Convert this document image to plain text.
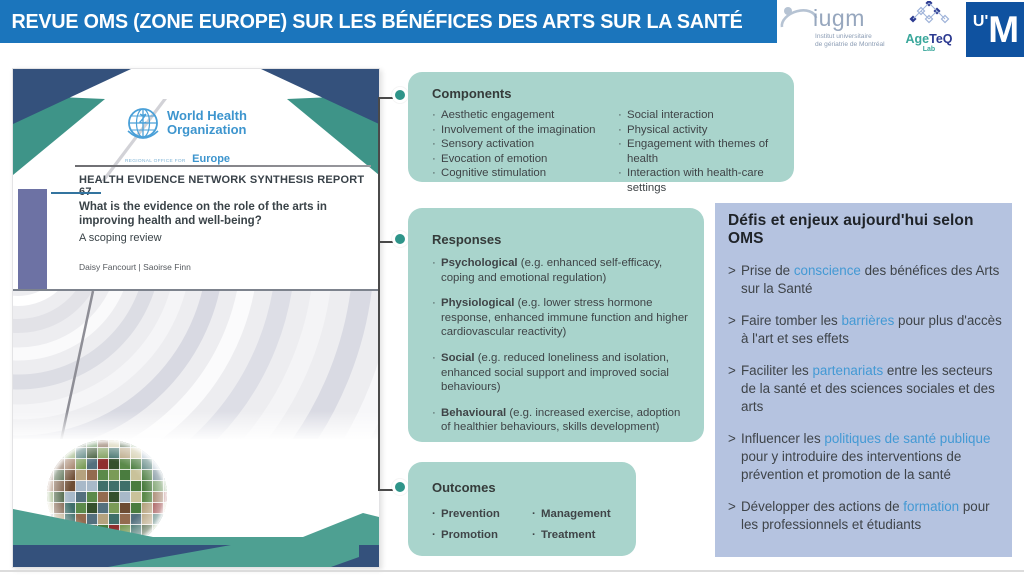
REVUE OMS (ZONE EUROPE) SUR LES BÉNÉFICES DES ARTS SUR LA SANTÉ	iugm
Institut universitaire
de gériatrie de Montréal	AgeTeQ
Lab
U' M
World Health
Organization
REGIONAL OFFICE FOR Europe
HEALTH EVIDENCE NETWORK SYNTHESIS REPORT
What is the evidence on the role of the arts in improving health and well-being?
A scoping review
Daisy Fancourt | Saoirse Finn
Components
· Aesthetic engagement
· Involvement of the imagination
· Sensory activation
· Evocation of emotion
· Cognitive stimulation
· Social interaction
· Physical activity
· Engagement with themes of health
· Interaction with health-care settings
Responses
· Psychological (e.g. enhanced self-efficacy, coping and emotional regulation)
· Physiological (e.g. lower stress hormone response, enhanced immune function and higher cardiovascular reactivity)
· Social (e.g. reduced loneliness and isolation, enhanced social support and improved social behaviours)
· Behavioural (e.g. increased exercise, adoption of healthier behaviours, skills development)
Outcomes
· Prevention
· Promotion
· Management
· Treatment
Défis et enjeux aujourd'hui selon OMS
> Prise de conscience des bénéfices des Arts sur la Santé
> Faire tomber les barrières pour plus d'accès à l'art et ses effets
> Faciliter les partenariats entre les secteurs de la santé et des sciences sociales et des arts
> Influencer les politiques de santé publique pour y introduire des interventions de prévention et promotion de la santé
> Développer des actions de formation pour les professionnels et étudiants
